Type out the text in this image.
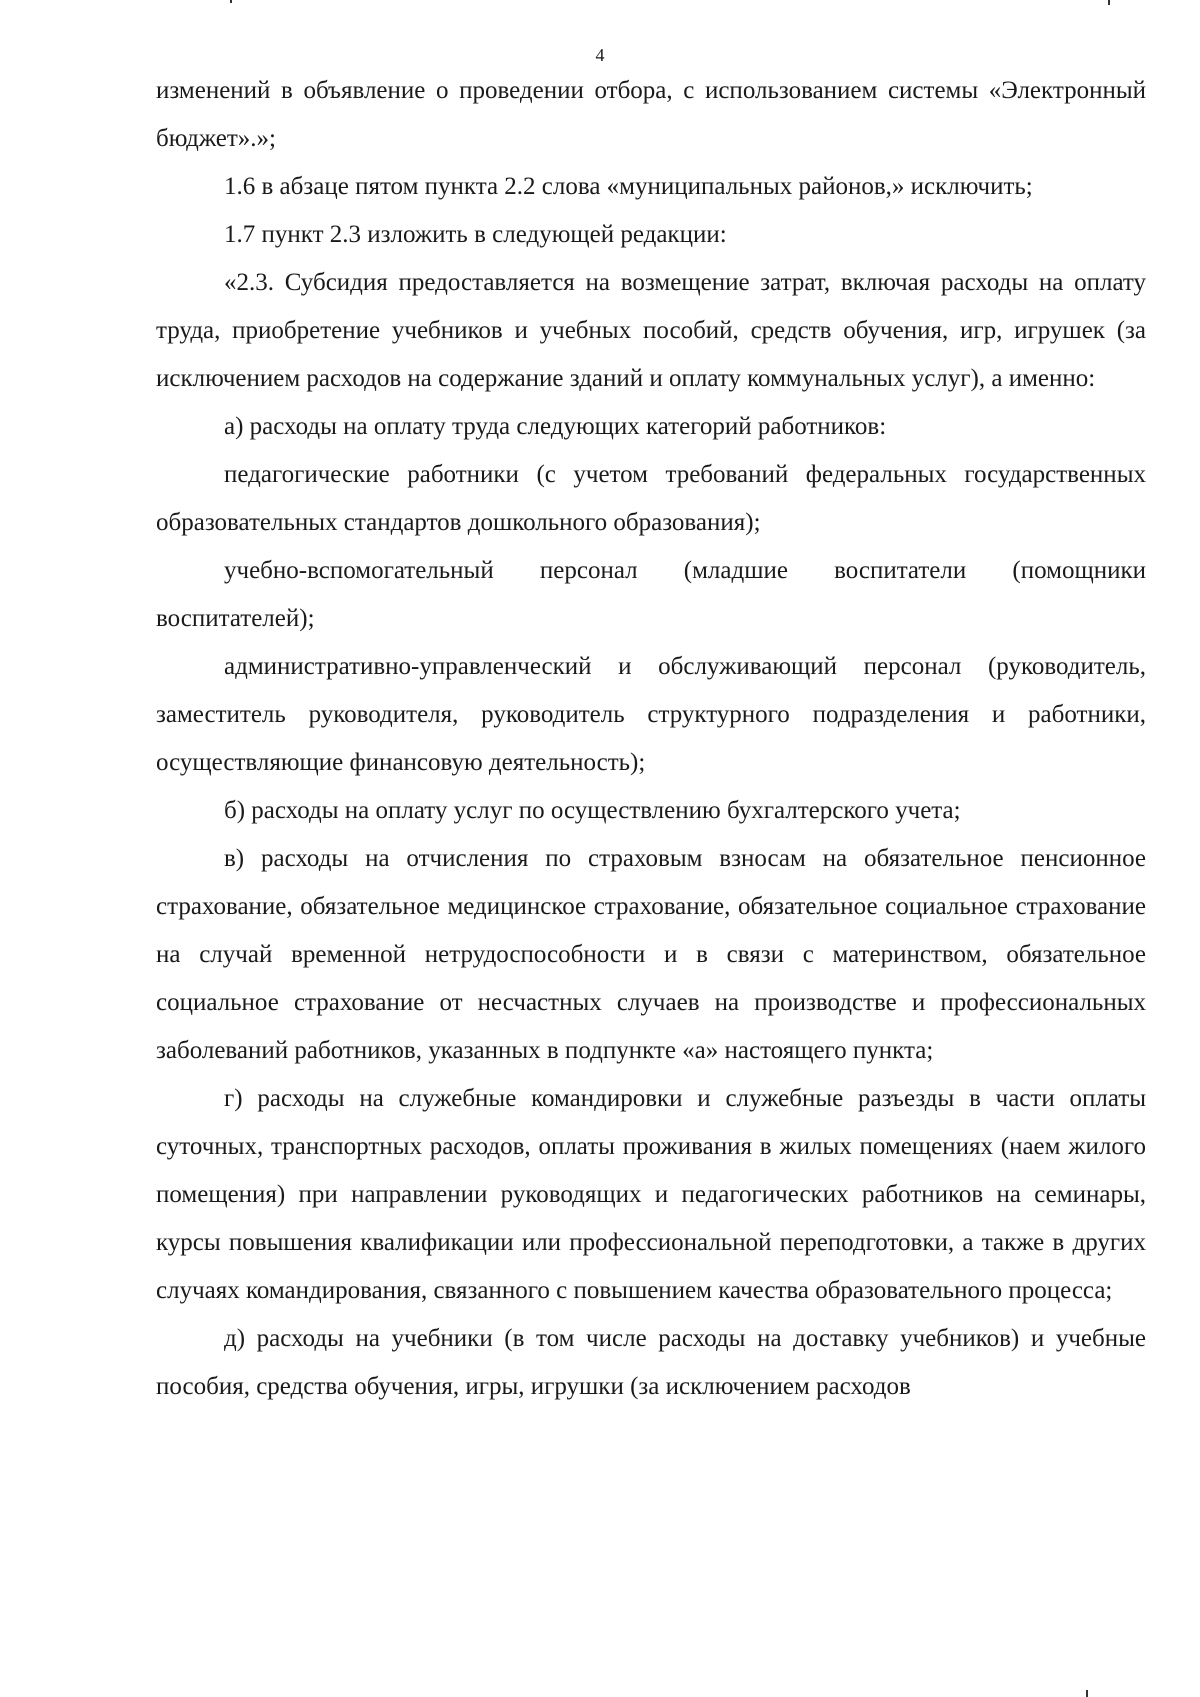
4

изменений в объявление о проведении отбора, с использованием системы «Электронный бюджет».»;

1.6 в абзаце пятом пункта 2.2 слова «муниципальных районов,» исключить;

1.7 пункт 2.3 изложить в следующей редакции:

«2.3. Субсидия предоставляется на возмещение затрат, включая расходы на оплату труда, приобретение учебников и учебных пособий, средств обучения, игр, игрушек (за исключением расходов на содержание зданий и оплату коммунальных услуг), а именно:

а) расходы на оплату труда следующих категорий работников:

педагогические работники (с учетом требований федеральных государственных образовательных стандартов дошкольного образования);

учебно-вспомогательный персонал (младшие воспитатели (помощники воспитателей);

административно-управленческий и обслуживающий персонал (руководитель, заместитель руководителя, руководитель структурного подразделения и работники, осуществляющие финансовую деятельность);

б) расходы на оплату услуг по осуществлению бухгалтерского учета;

в) расходы на отчисления по страховым взносам на обязательное пенсионное страхование, обязательное медицинское страхование, обязательное социальное страхование на случай временной нетрудоспособности и в связи с материнством, обязательное социальное страхование от несчастных случаев на производстве и профессиональных заболеваний работников, указанных в подпункте «а» настоящего пункта;

г) расходы на служебные командировки и служебные разъезды в части оплаты суточных, транспортных расходов, оплаты проживания в жилых помещениях (наем жилого помещения) при направлении руководящих и педагогических работников на семинары, курсы повышения квалификации или профессиональной переподготовки, а также в других случаях командирования, связанного с повышением качества образовательного процесса;

д) расходы на учебники (в том числе расходы на доставку учебников) и учебные пособия, средства обучения, игры, игрушки (за исключением расходов
